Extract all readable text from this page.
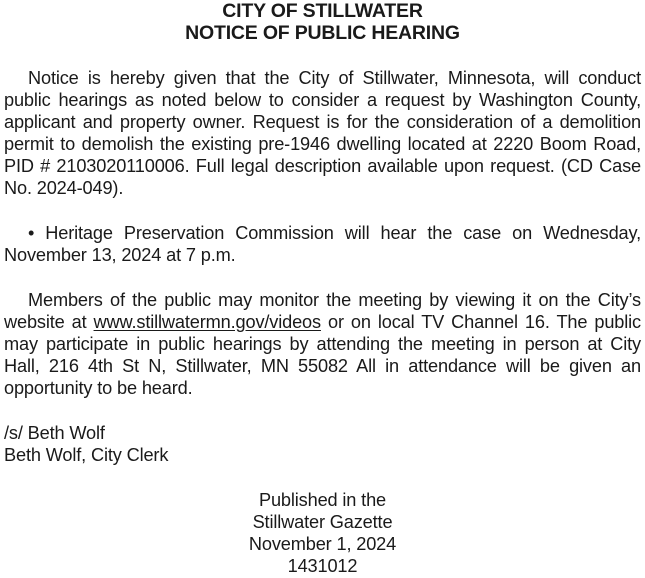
CITY OF STILLWATER
NOTICE OF PUBLIC HEARING

Notice is hereby given that the City of Stillwater, Minnesota, will conduct public hearings as noted below to consider a request by Washington County, applicant and property owner. Request is for the consideration of a demolition permit to demolish the existing pre-1946 dwelling located at 2220 Boom Road, PID # 2103020110006. Full legal description available upon request. (CD Case No. 2024-049).

• Heritage Preservation Commission will hear the case on Wednesday, November 13, 2024 at 7 p.m.

Members of the public may monitor the meeting by viewing it on the City’s website at www.stillwatermn.gov/videos or on local TV Channel 16. The public may participate in public hearings by attending the meeting in person at City Hall, 216 4th St N, Stillwater, MN 55082 All in attendance will be given an opportunity to be heard.

/s/ Beth Wolf
Beth Wolf, City Clerk
Published in the
Stillwater Gazette
November 1, 2024
1431012
